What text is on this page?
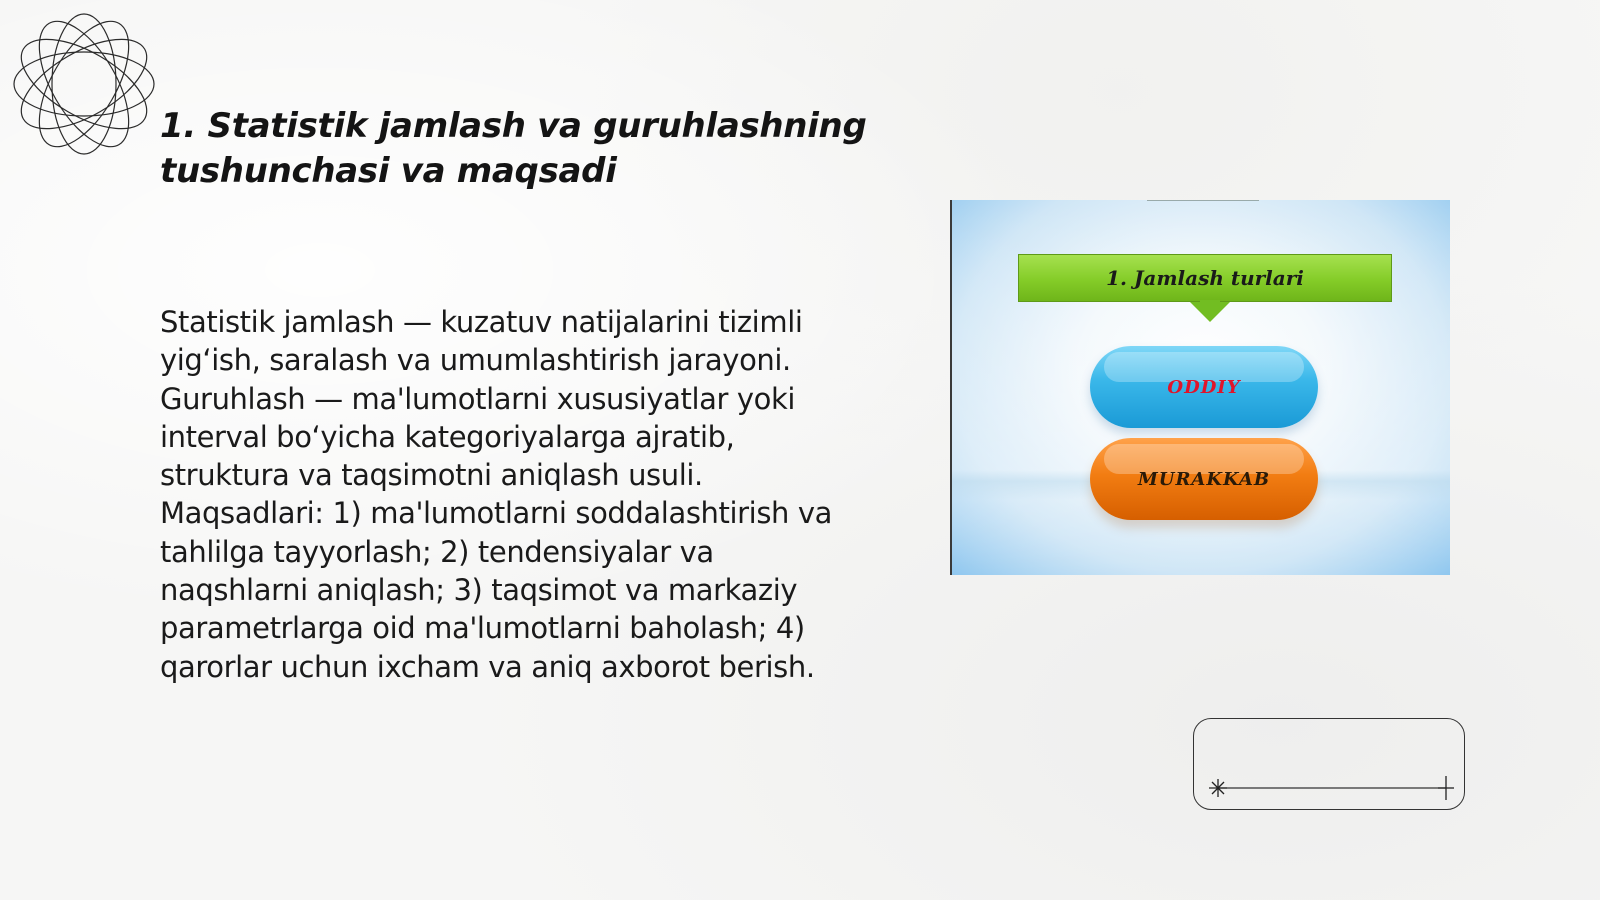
1. Statistik jamlash va guruhlashning tushunchasi va maqsadi

Statistik jamlash — kuzatuv natijalarini tizimli yig‘ish, saralash va umumlashtirish jarayoni. Guruhlash — ma'lumotlarni xususiyatlar yoki interval bo‘yicha kategoriyalarga ajratib, struktura va taqsimotni aniqlash usuli. Maqsadlari: 1) ma'lumotlarni soddalashtirish va tahlilga tayyorlash; 2) tendensiyalar va naqshlarni aniqlash; 3) taqsimot va markaziy parametrlarga oid ma'lumotlarni baholash; 4) qarorlar uchun ixcham va aniq axborot berish.

1. Jamlash turlari
ODDIY
MURAKKAB
